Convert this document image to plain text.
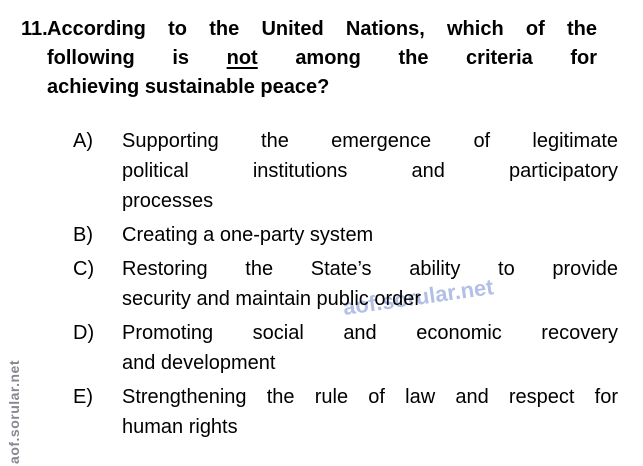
aof.sorular.net
aof.sorular.net
11. According to the United Nations, which of the
following is not among the criteria for
achieving sustainable peace?
A)	Supporting the emergence of legitimate
political institutions and participatory
processes
B)	Creating a one-party system
C)	Restoring the State’s ability to provide
security and maintain public order
D)	Promoting social and economic recovery
and development
E)	Strengthening the rule of law and respect for
human rights
